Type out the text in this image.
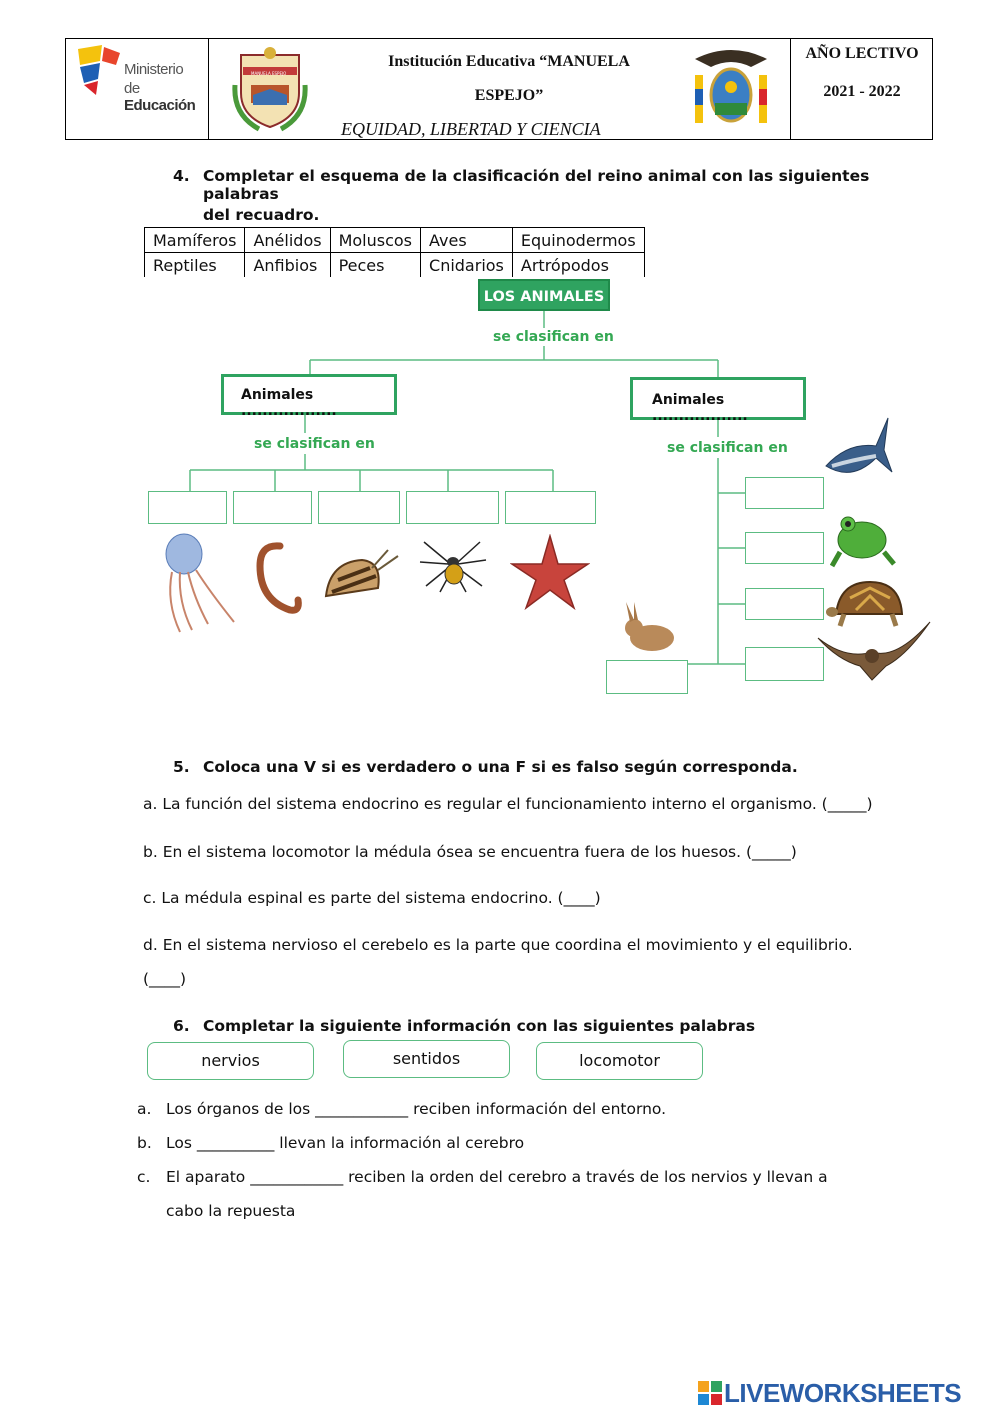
Ministerio
de Educación
MANUELA ESPEJO
Institución Educativa “MANUELA
ESPEJO”
EQUIDAD, LIBERTAD Y CIENCIA
AÑO LECTIVO
2021 - 2022
4. Completar el esquema de la clasificación del reino animal con las siguientes palabras
del recuadro.
Mamíferos	Anélidos	Moluscos	Aves	Equinodermos
Reptiles	Anfibios	Peces	Cnidarios	Artrópodos
LOS ANIMALES
se clasifican en
Animales ..................
Animales ..................
se clasifican en	se clasifican en
5. Coloca una V si es verdadero o una F si es falso según corresponda.
a. La función del sistema endocrino es regular el funcionamiento interno el organismo. (_____)
b. En el sistema locomotor la médula ósea se encuentra fuera de los huesos. (_____)
c. La médula espinal es parte del sistema endocrino. (____)
d. En el sistema nervioso el cerebelo es la parte que coordina el movimiento y el equilibrio.
(____)
6. Completar la siguiente información con las siguientes palabras
nervios	sentidos	locomotor
a. Los órganos de los ____________ reciben información del entorno.
b. Los __________ llevan la información al cerebro
c. El aparato ____________ reciben la orden del cerebro a través de los nervios y llevan a
cabo la repuesta
LIVEWORKSHEETS
